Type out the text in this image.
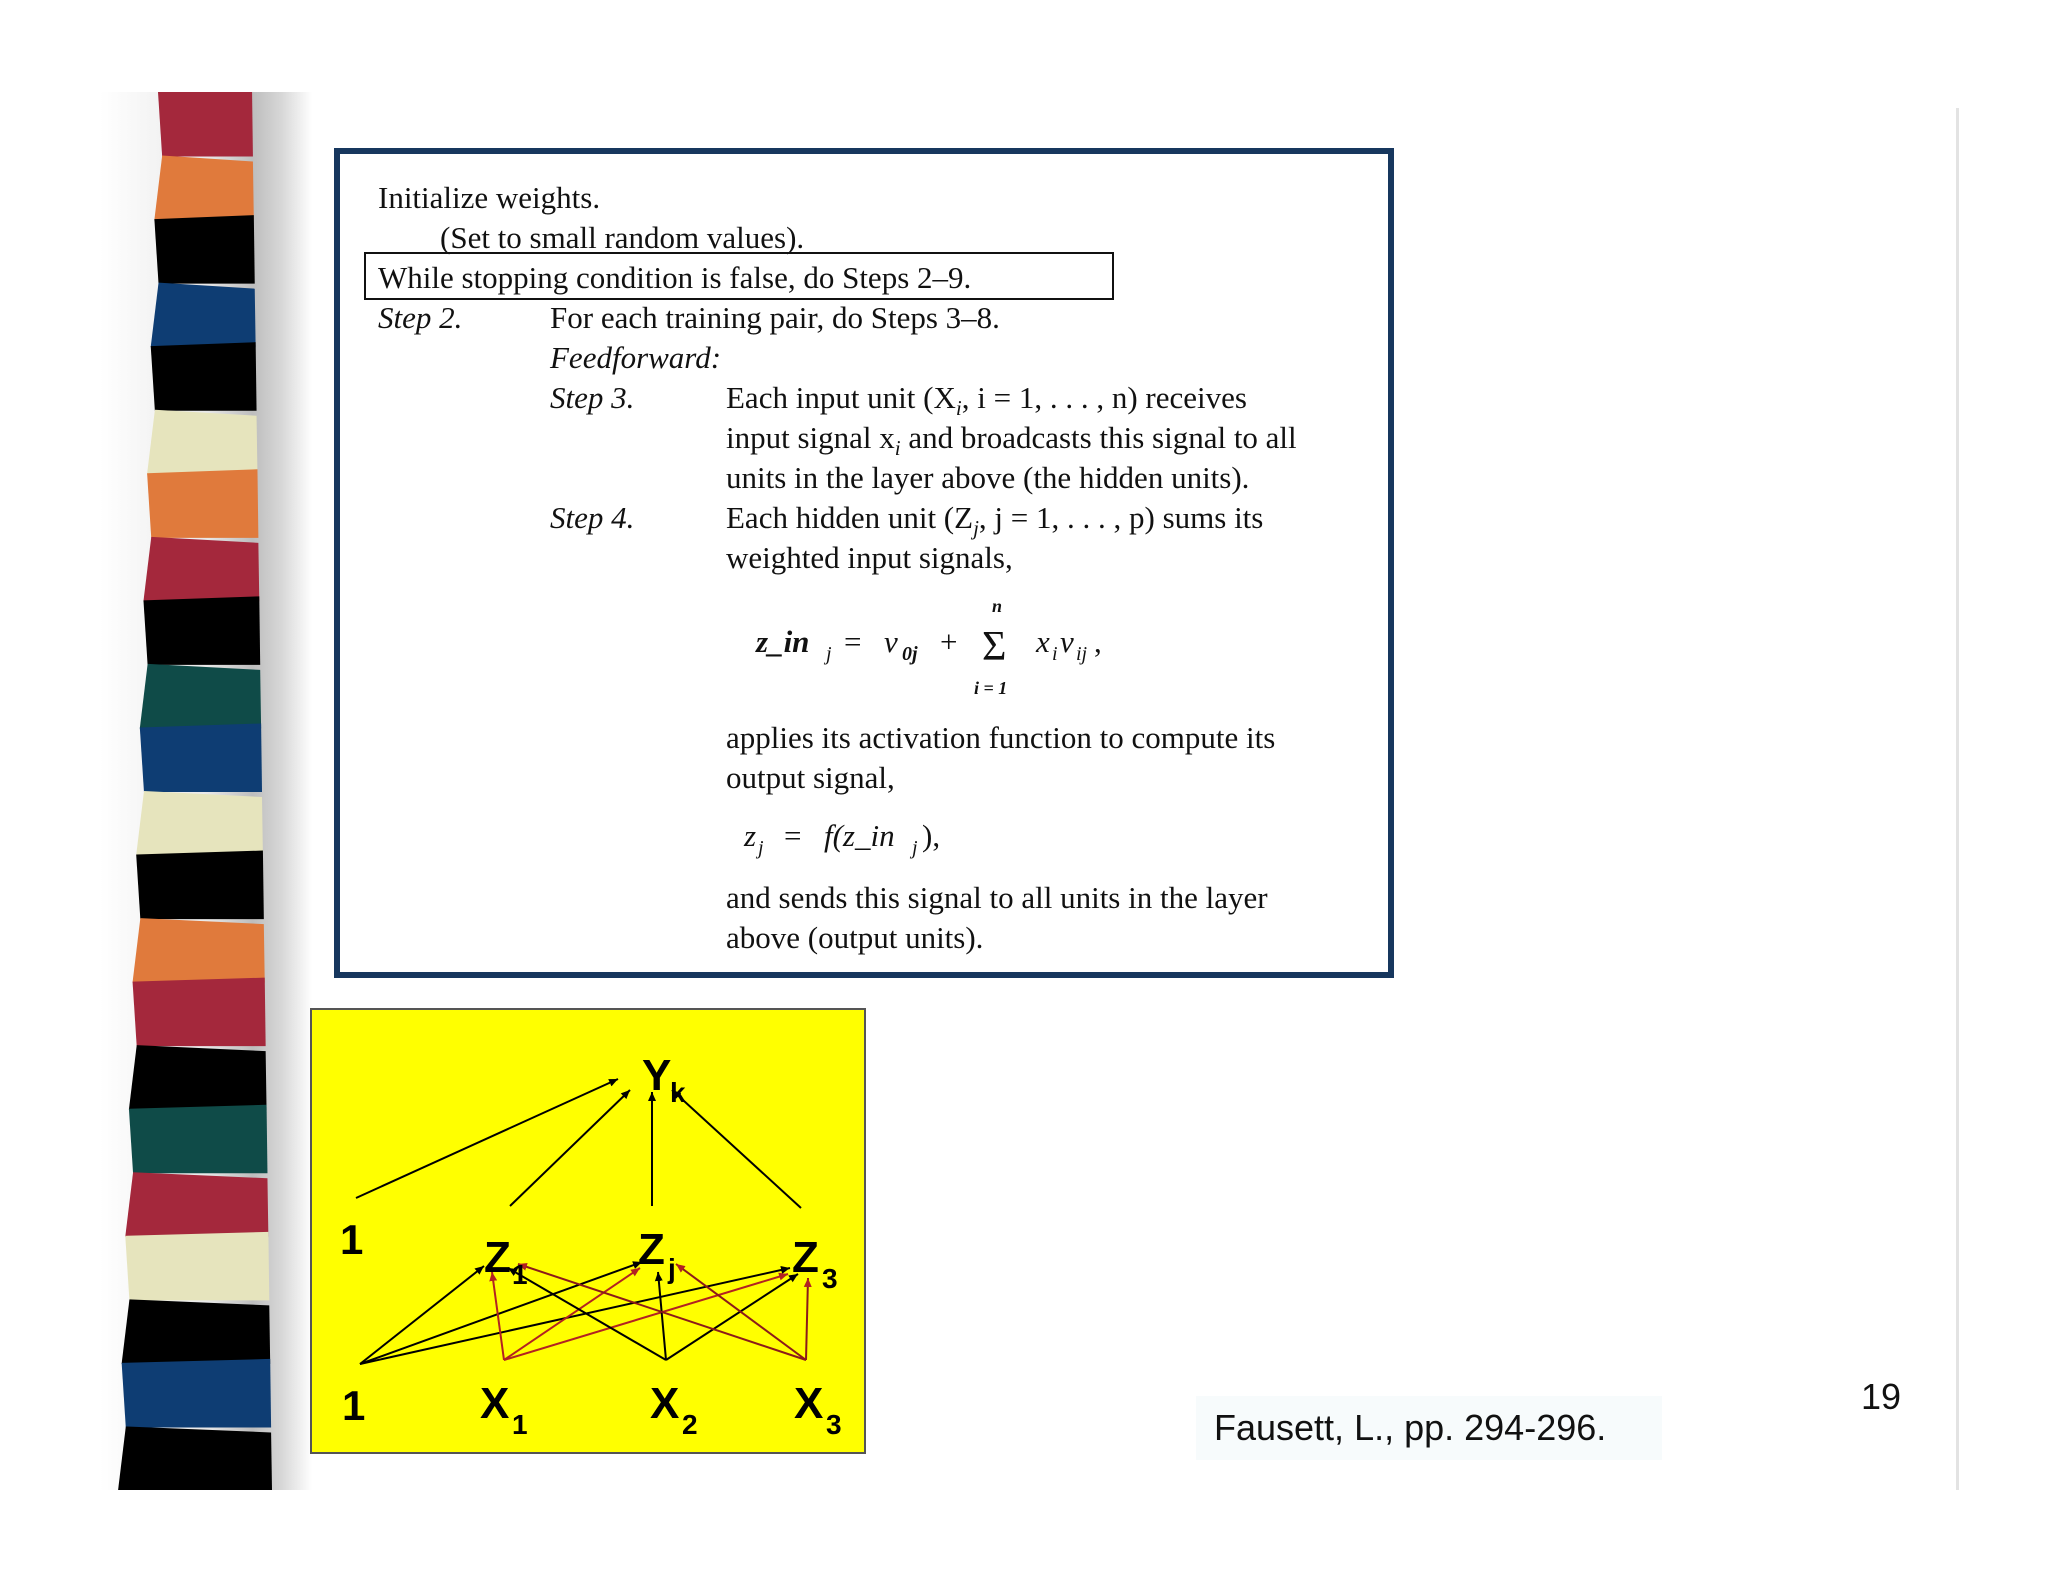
Initialize weights.
(Set to small random values).
While stopping condition is false, do Steps 2–9.
Step 2.	For each training pair, do Steps 3–8.
Feedforward:
Step 3.	Each input unit ($X_i$, i = 1, . . . , n) receives
input signal $x_i$ and broadcasts this signal to all
units in the layer above (the hidden units).
Step 4.	Each hidden unit ($Z_j$, j = 1, . . . , p) sums its
weighted input signals,
z_in j = v 0j +
n
Σ
i = 1
x i v ij ,
applies its activation function to compute its
output signal,
z j = f(z_in j ),
and sends this signal to all units in the layer
above (output units).
Y
k
1	Z 1
Z j	Z 3
1	X 1	X 2 X 3	Fausett, L., pp. 294-296.
19
